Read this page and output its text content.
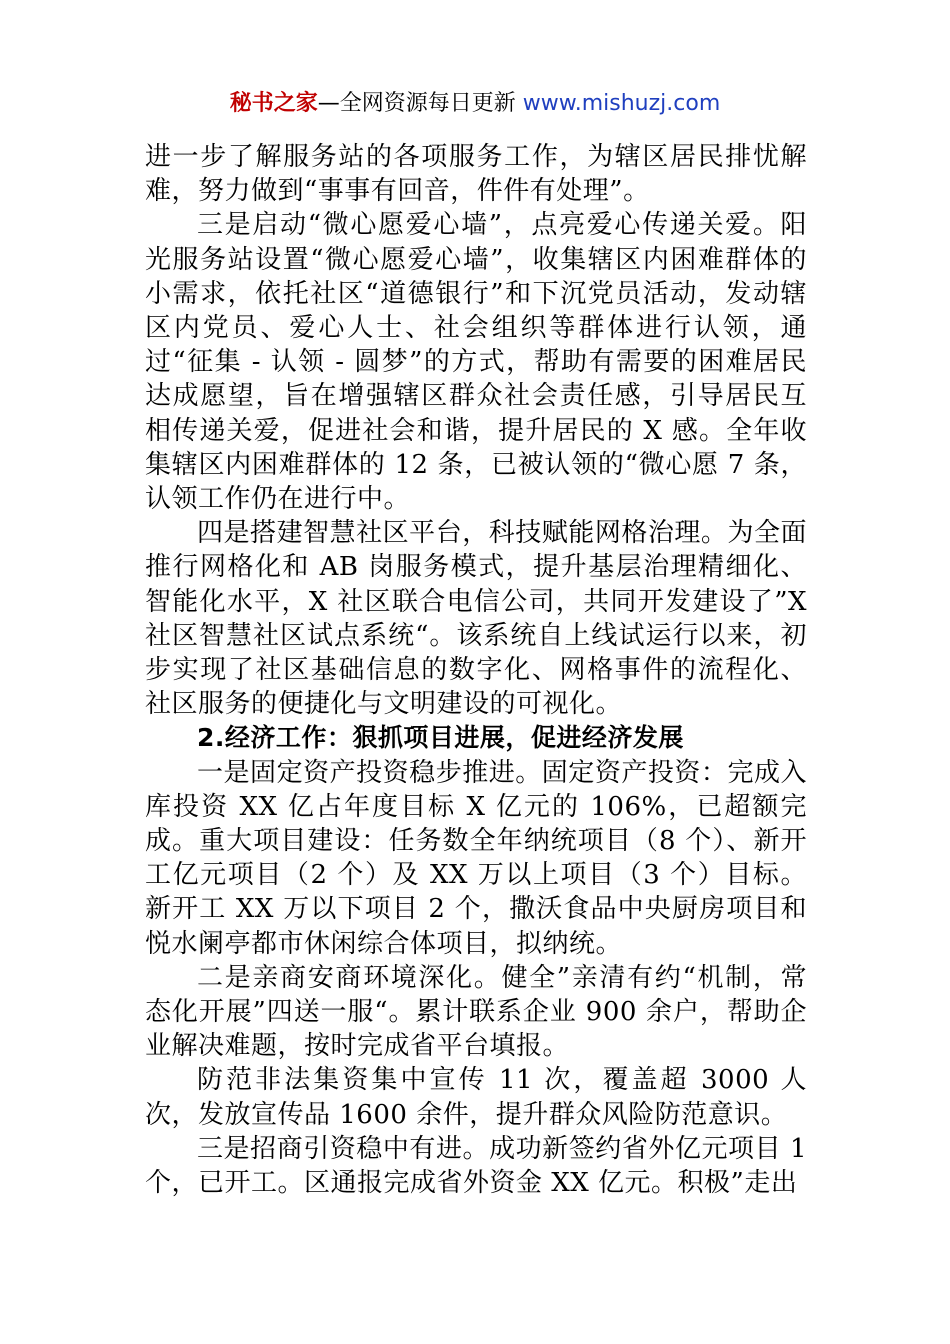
秘书之家—全网资源每日更新 www.mishuzj.com

进一步了解服务站的各项服务工作，为辖区居民排忧解难，努力做到“事事有回音，件件有处理”。

三是启动“微心愿爱心墙”，点亮爱心传递关爱。阳光服务站设置“微心愿爱心墙”，收集辖区内困难群体的小需求，依托社区“道德银行”和下沉党员活动，发动辖区内党员、爱心人士、社会组织等群体进行认领，通过“征集 - 认领 - 圆梦”的方式，帮助有需要的困难居民达成愿望，旨在增强辖区群众社会责任感，引导居民互相传递关爱，促进社会和谐，提升居民的 X 感。全年收集辖区内困难群体的 12 条，已被认领的“微心愿 7 条，认领工作仍在进行中。

四是搭建智慧社区平台，科技赋能网格治理。为全面推行网格化和 AB 岗服务模式，提升基层治理精细化、智能化水平，X 社区联合电信公司，共同开发建设了”X 社区智慧社区试点系统“。该系统自上线试运行以来，初步实现了社区基础信息的数字化、网格事件的流程化、社区服务的便捷化与文明建设的可视化。

2.经济工作：狠抓项目进展，促进经济发展

一是固定资产投资稳步推进。固定资产投资：完成入库投资 XX 亿占年度目标 X 亿元的 106%，已超额完成。重大项目建设：任务数全年纳统项目（8 个）、新开工亿元项目（2 个）及 XX 万以上项目（3 个）目标。新开工 XX 万以下项目 2 个，撒沃食品中央厨房项目和悦水阑亭都市休闲综合体项目，拟纳统。

二是亲商安商环境深化。健全”亲清有约“机制，常态化开展”四送一服“。累计联系企业 900 余户，帮助企业解决难题，按时完成省平台填报。

防范非法集资集中宣传 11 次，覆盖超 3000 人次，发放宣传品 1600 余件，提升群众风险防范意识。

三是招商引资稳中有进。成功新签约省外亿元项目 1 个，已开工。区通报完成省外资金 XX 亿元。积极”走出
